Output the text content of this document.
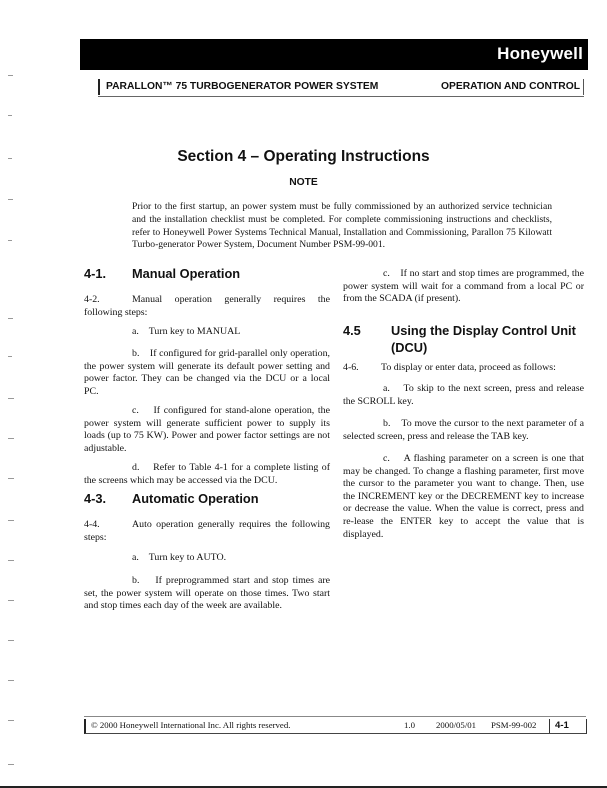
Honeywell
PARALLON™ 75 TURBOGENERATOR POWER SYSTEM	OPERATION AND CONTROL
Section 4 – Operating Instructions
NOTE

Prior to the first startup, an power system must be fully commissioned by an authorized service technician and the installation checklist must be completed. For complete commissioning instructions and checklists, refer to Honeywell Power Systems Technical Manual, Installation and Commissioning, Parallon 75 Kilowatt Turbo-generator Power System, Document Number PSM-99-001.

4-1. Manual Operation

4-2.	Manual operation generally requires the following steps:

a. Turn key to MANUAL

b. If configured for grid-parallel only operation, the power system will generate its default power setting and power factor. They can be changed via the DCU or a local PC.

c. If configured for stand-alone operation, the power system will generate sufficient power to supply its loads (up to 75 KW). Power and power factor settings are not adjustable.

d. Refer to Table 4-1 for a complete listing of the screens which may be accessed via the DCU.

4-3. Automatic Operation

4-4.	Auto operation generally requires the following steps:

a. Turn key to AUTO.

b. If preprogrammed start and stop times are set, the power system will operate on those times. Two start and stop times each day of the week are available.

c. If no start and stop times are programmed, the power system will wait for a command from a local PC or from the SCADA (if present).

4.5 Using the Display Control Unit
(DCU)

4-6.	To display or enter data, proceed as follows:

a. To skip to the next screen, press and release the SCROLL key.

b. To move the cursor to the next parameter of a selected screen, press and release the TAB key.

c. A flashing parameter on a screen is one that may be changed. To change a flashing parameter, first move the cursor to the parameter you want to change. Then, use the INCREMENT key or the DECREMENT key to increase or decrease the value. When the value is correct, press and re-lease the ENTER key to accept the value that is displayed.

© 2000 Honeywell International Inc. All rights reserved.	1.0 2000/05/01 PSM-99-002 4-1
